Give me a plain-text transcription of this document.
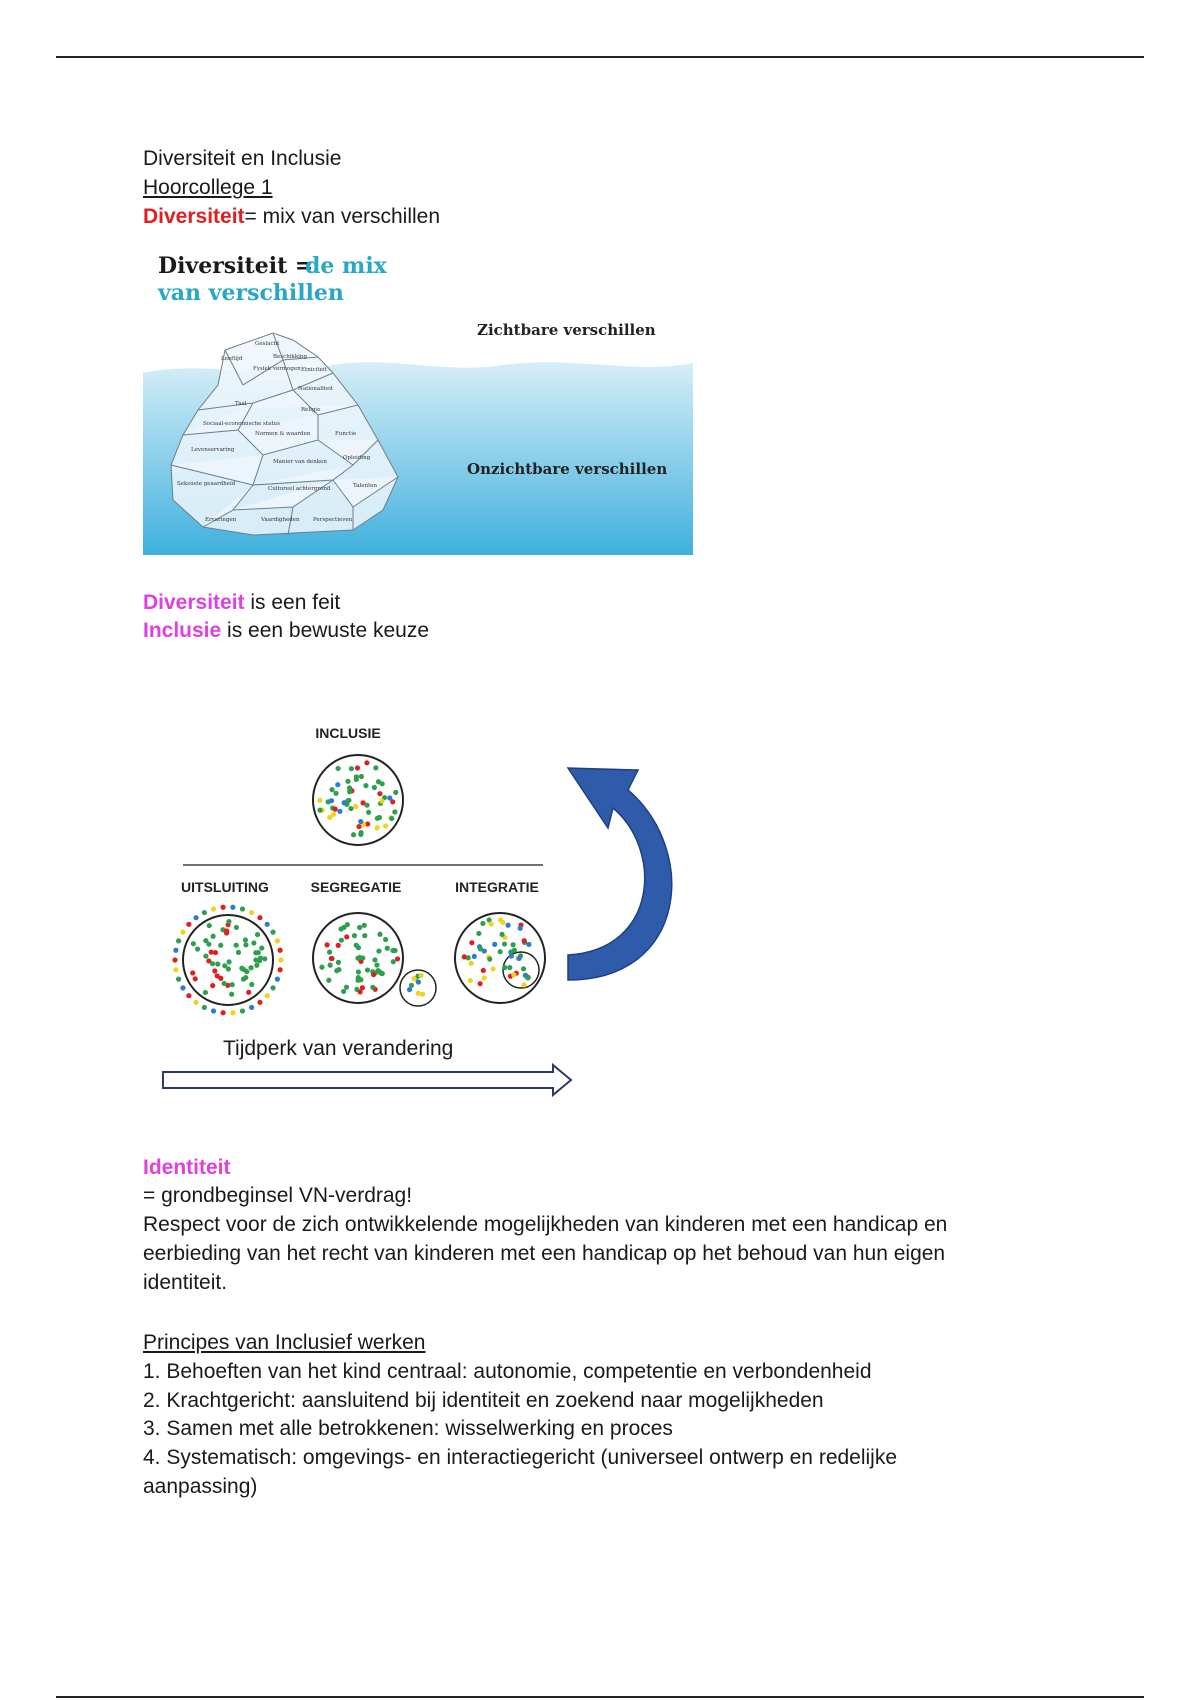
Diversiteit en Inclusie
Hoorcollege 1
Diversiteit= mix van verschillen
Diversiteit =
de mix
van verschillen
Zichtbare verschillen
Onzichtbare verschillen
Geslacht
Leeftijd	Beschikking
Fysiek vermogen Etniciteit
Nationaliteit
Taal
Religie
Sociaal-economische status
Normen & waarden	Functie
Levenservaring
Manier van denken
Opleiding
Seksuele geaardheid
Cultureel achtergrond	Talenten
Ervaringen	Vaardigheden Perspectieven
Diversiteit is een feit
Inclusie is een bewuste keuze
INCLUSIE
UITSLUITING	SEGREGATIE	INTEGRATIE
Tijdperk van verandering
Identiteit
= grondbeginsel VN-verdrag!
Respect voor de zich ontwikkelende mogelijkheden van kinderen met een handicap en eerbieding van het recht van kinderen met een handicap op het behoud van hun eigen identiteit.
Principes van Inclusief werken
1. Behoeften van het kind centraal: autonomie, competentie en verbondenheid
2. Krachtgericht: aansluitend bij identiteit en zoekend naar mogelijkheden
3. Samen met alle betrokkenen: wisselwerking en proces
4. Systematisch: omgevings- en interactiegericht (universeel ontwerp en redelijke aanpassing)
